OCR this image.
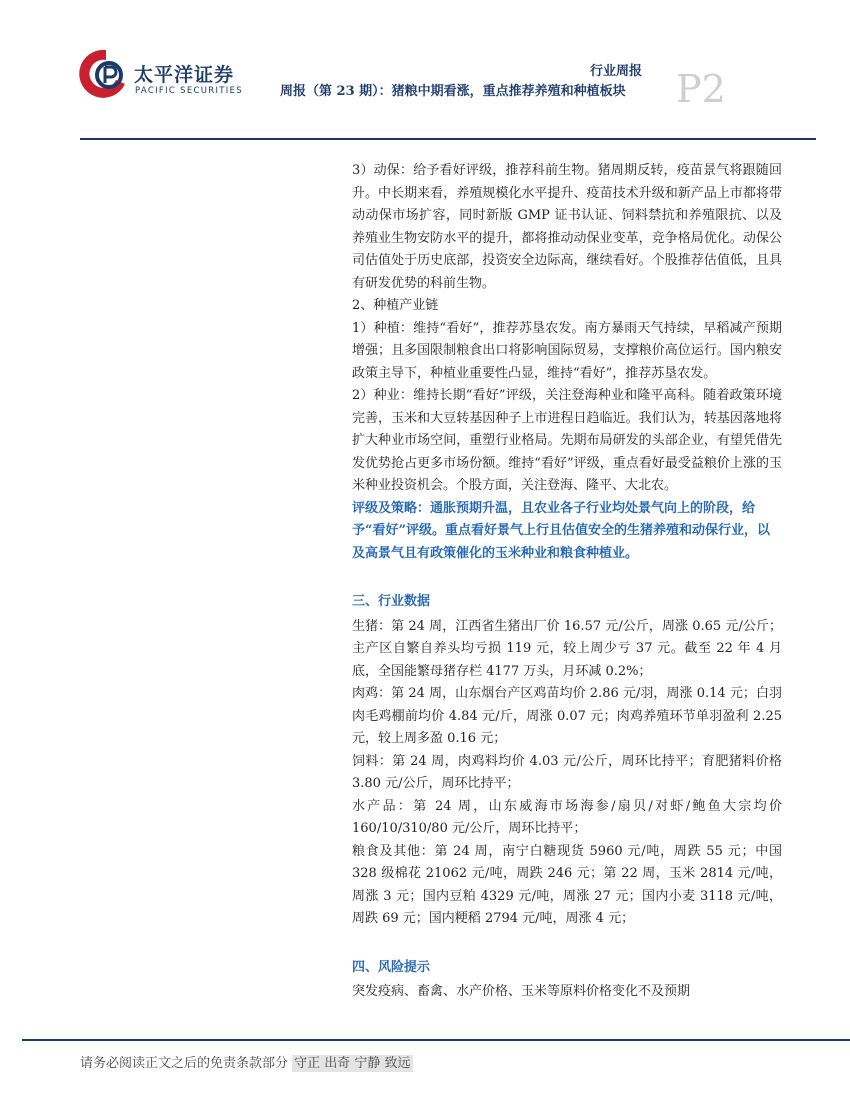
太平洋证券
PACIFIC SECURITIES
行业周报
周报（第 23 期）：猪粮中期看涨，重点推荐养殖和种植板块 P2

3）动保：给予看好评级，推荐科前生物。猪周期反转，疫苗景气将跟随回升。中长期来看，养殖规模化水平提升、疫苗技术升级和新产品上市都将带动动保市场扩容，同时新版 GMP 证书认证、饲料禁抗和养殖限抗、以及养殖业生物安防水平的提升，都将推动动保业变革，竞争格局优化。动保公司估值处于历史底部，投资安全边际高，继续看好。个股推荐估值低，且具有研发优势的科前生物。

2、种植产业链

1）种植：维持“看好”，推荐苏垦农发。南方暴雨天气持续，早稻减产预期增强；且多国限制粮食出口将影响国际贸易，支撑粮价高位运行。国内粮安政策主导下，种植业重要性凸显，维持“看好”，推荐苏垦农发。

2）种业：维持长期“看好”评级，关注登海种业和隆平高科。随着政策环境完善，玉米和大豆转基因种子上市进程日趋临近。我们认为，转基因落地将扩大种业市场空间，重塑行业格局。先期布局研发的头部企业，有望凭借先发优势抢占更多市场份额。维持“看好”评级，重点看好最受益粮价上涨的玉米种业投资机会。个股方面，关注登海、隆平、大北农。

评级及策略：通胀预期升温，且农业各子行业均处景气向上的阶段，给予“看好”评级。重点看好景气上行且估值安全的生猪养殖和动保行业，以及高景气且有政策催化的玉米种业和粮食种植业。

三、行业数据

生猪：第 24 周，江西省生猪出厂价 16.57 元/公斤，周涨 0.65 元/公斤；主产区自繁自养头均亏损 119 元，较上周少亏 37 元。截至 22 年 4 月底，全国能繁母猪存栏 4177 万头，月环减 0.2%；

肉鸡：第 24 周，山东烟台产区鸡苗均价 2.86 元/羽，周涨 0.14 元；白羽肉毛鸡棚前均价 4.84 元/斤，周涨 0.07 元；肉鸡养殖环节单羽盈利 2.25 元，较上周多盈 0.16 元；

饲料：第 24 周，肉鸡料均价 4.03 元/公斤，周环比持平；育肥猪料价格 3.80 元/公斤，周环比持平；

水产品：第 24 周，山东威海市场海参/扇贝/对虾/鲍鱼大宗均价 160/10/310/80 元/公斤，周环比持平；

粮食及其他：第 24 周，南宁白糖现货 5960 元/吨，周跌 55 元；中国 328 级棉花 21062 元/吨，周跌 246 元；第 22 周，玉米 2814 元/吨，周涨 3 元；国内豆粕 4329 元/吨，周涨 27 元；国内小麦 3118 元/吨，周跌 69 元；国内粳稻 2794 元/吨，周涨 4 元；

四、风险提示

突发疫病、畜禽、水产价格、玉米等原料价格变化不及预期

请务必阅读正文之后的免责条款部分 守正 出奇 宁静 致远
